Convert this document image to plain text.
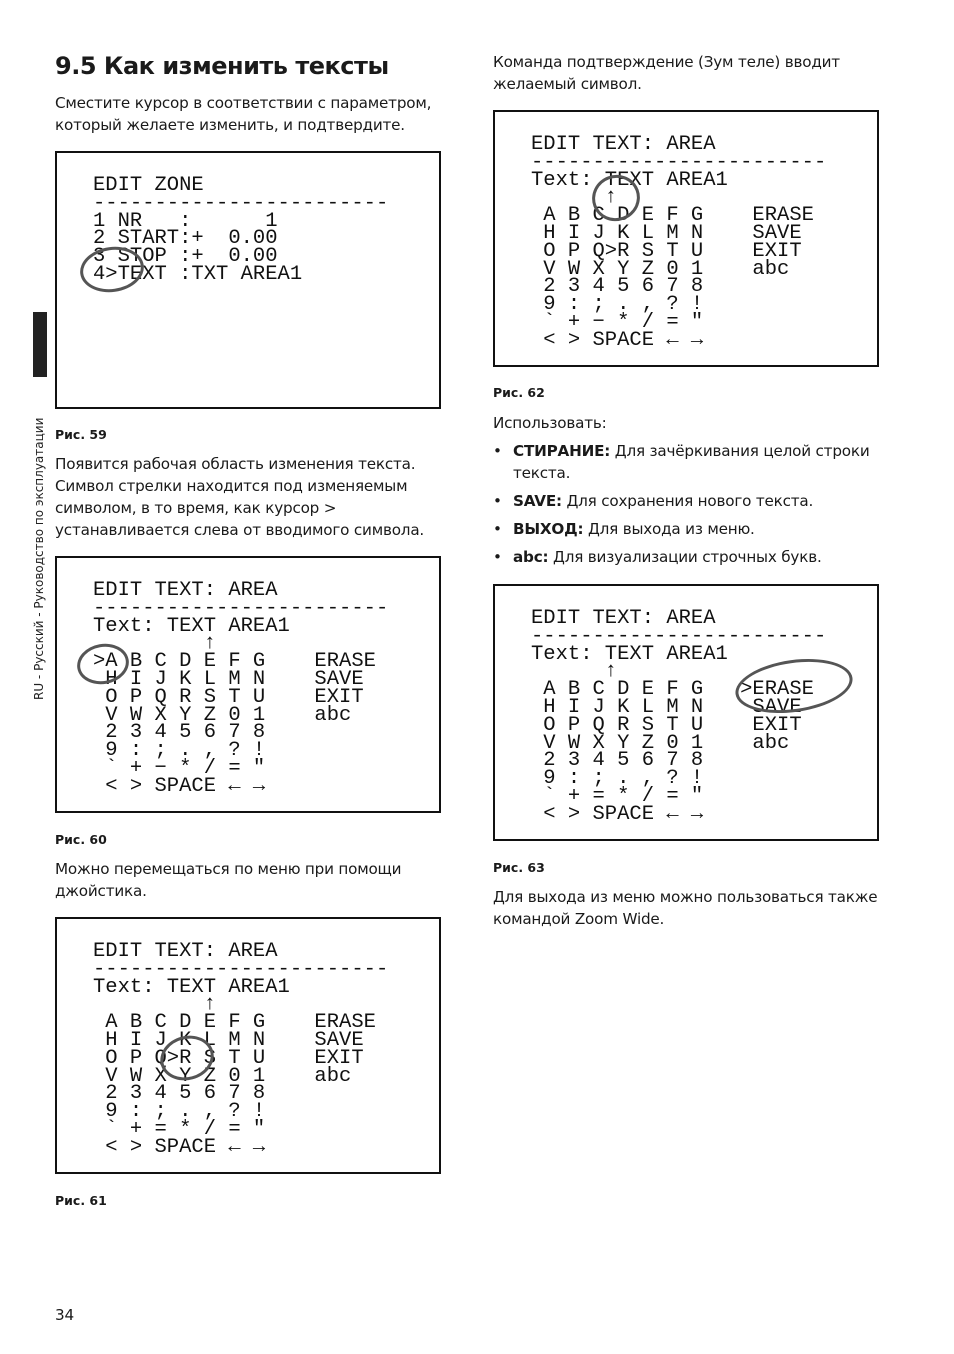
RU - Русский - Руководство по эксплуатации
9.5 Как изменить тексты
Сместите курсор в соответствии с параметром, который желаете изменить, и подтвердите.
EDIT ZONE
------------------------
1 NR   :      1
2 START:+  0.00
3 STOP :+  0.00
4>TEXT :TXT AREA1
Рис. 59
Появится рабочая область изменения текста. Символ стрелки находится под изменяемым символом, в то время, как курсор > устанавливается слева от вводимого символа.
EDIT TEXT: AREA
------------------------
Text: TEXT AREA1
↑
>A B C D E F G    ERASE
H I J K L M N    SAVE
O P Q R S T U    EXIT
V W X Y Z 0 1    abc
2 3 4 5 6 7 8
9 : ; . , ? !
` + − * / = "
< > SPACE ← →
Рис. 60
Можно перемещаться по меню при помощи джойстика.
EDIT TEXT: AREA
------------------------
Text: TEXT AREA1
↑
A B C D E F G    ERASE
H I J K L M N    SAVE
O P Q>R S T U    EXIT
V W X Y Z 0 1    abc
2 3 4 5 6 7 8
9 : ; . , ? !
` + = * / = "
< > SPACE ← →
Рис. 61
Команда подтверждение (Зум теле) вводит желаемый символ.
EDIT TEXT: AREA
------------------------
Text: TEXT AREA1
↑
A B C D E F G    ERASE
H I J K L M N    SAVE
O P Q>R S T U    EXIT
V W X Y Z 0 1    abc
2 3 4 5 6 7 8
9 : ; . , ? !
` + − * / = "
< > SPACE ← →
Рис. 62
Использовать:
• СТИРАНИЕ: Для зачёркивания целой строки текста.
• SAVE: Для сохранения нового текста.
• ВЫХОД: Для выхода из меню.
• abc: Для визуализации строчных букв.
EDIT TEXT: AREA
------------------------
Text: TEXT AREA1
↑
A B C D E F G   >ERASE
H I J K L M N    SAVE
O P Q R S T U    EXIT
V W X Y Z 0 1    abc
2 3 4 5 6 7 8
9 : ; . , ? !
` + = * / = "
< > SPACE ← →
Рис. 63
Для выхода из меню можно пользоваться также командой Zoom Wide.
34
